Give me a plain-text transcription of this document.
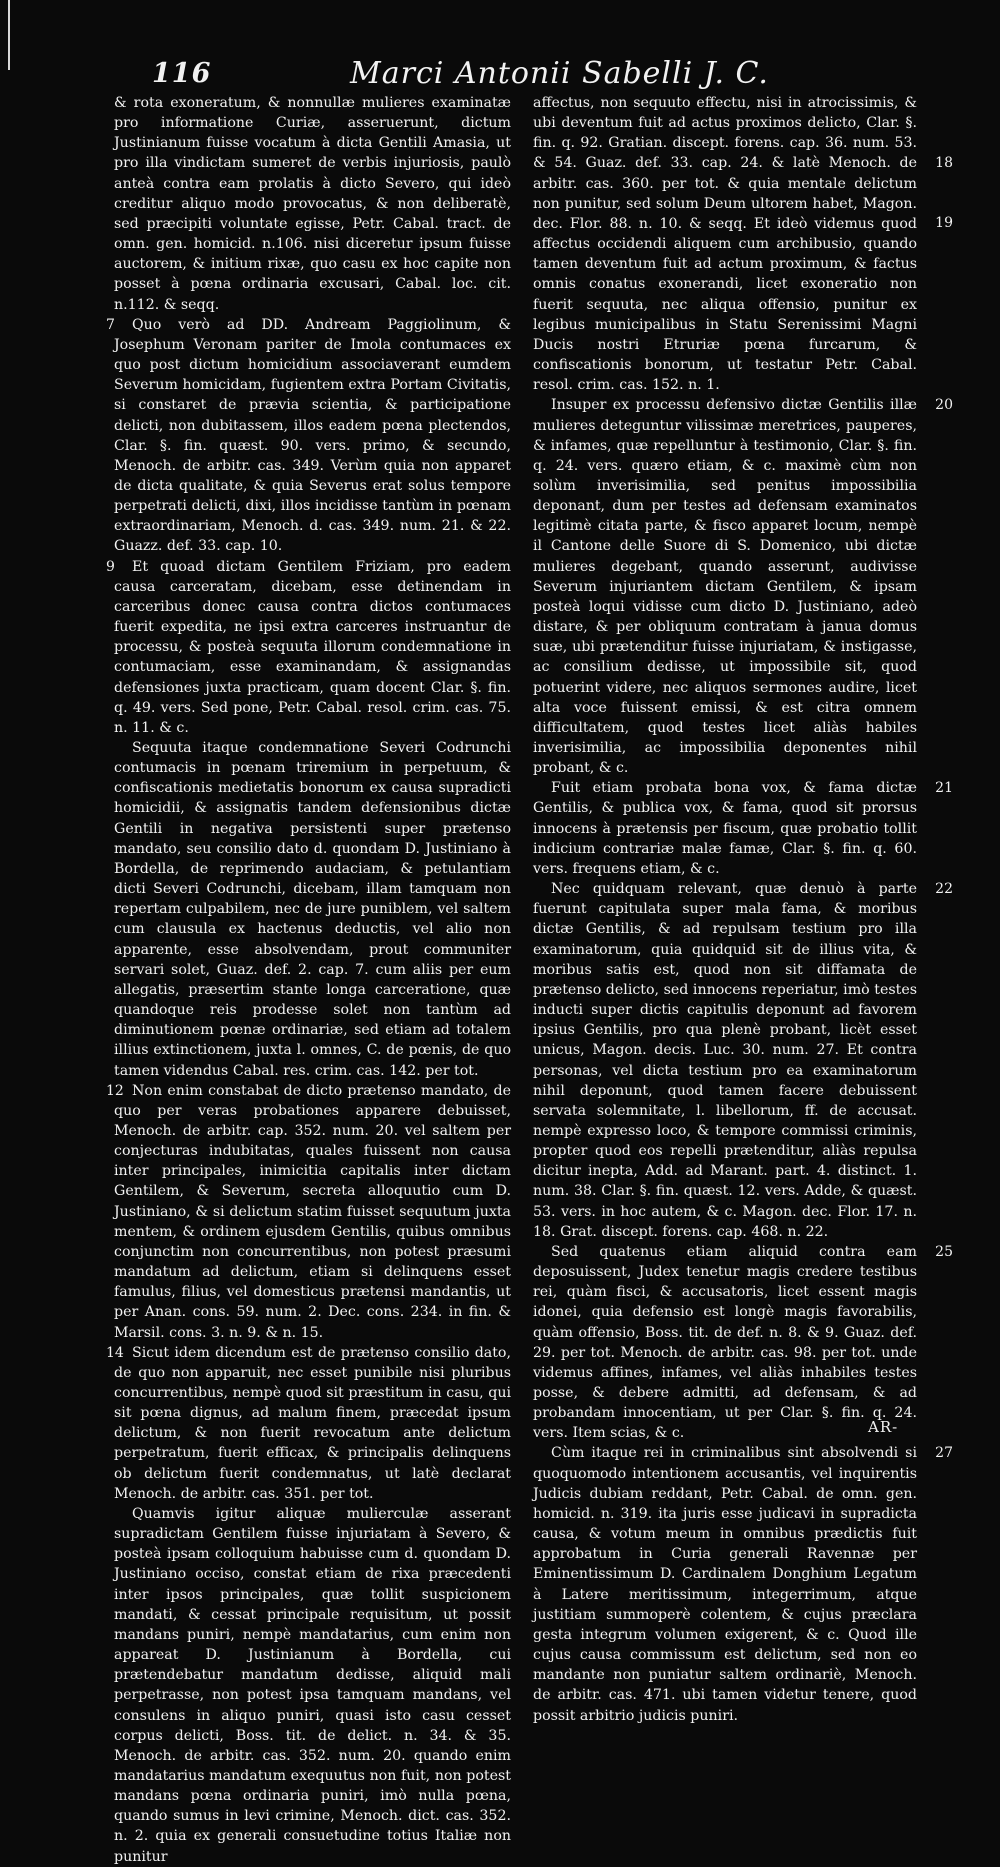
116	Marci Antonii Sabelli J. C.

& rota exoneratum, & nonnullæ mulieres examinatæ pro informatione Curiæ, asseruerunt, dictum Justinianum fuisse vocatum à dicta Gentili Amasia, ut pro illa vindictam sumeret de verbis injuriosis, paulò anteà contra eam prolatis à dicto Severo, qui ideò creditur aliquo modo provocatus, & non deliberatè, sed præcipiti voluntate egisse, Petr. Cabal. tract. de omn. gen. homicid. n.106. nisi diceretur ipsum fuisse auctorem, & initium rixæ, quo casu ex hoc capite non posset à pœna ordinaria excusari, Cabal. loc. cit. n.112. & seqq.

7 Quo verò ad DD. Andream Paggiolinum, & Josephum Veronam pariter de Imola contumaces ex quo post dictum homicidium associaverant eumdem Severum homicidam, fugientem extra Portam Civitatis, si constaret de prævia scientia, & participatione delicti, non dubitassem, illos eadem pœna plectendos, Clar. §. fin. quæst. 90. vers. primo, & secundo, Menoch. de arbitr. cas. 349. Verùm quia non apparet de dicta qualitate, & quia Severus erat solus tempore perpetrati delicti, dixi, illos incidisse tantùm in pœnam extraordinariam, Menoch. d. cas. 349. num. 21. & 22. Guazz. def. 33. cap. 10.

9 Et quoad dictam Gentilem Friziam, pro eadem causa carceratam, dicebam, esse detinendam in carceribus donec causa contra dictos contumaces fuerit expedita, ne ipsi extra carceres instruantur de processu, & posteà sequuta illorum condemnatione in contumaciam, esse examinandam, & assignandas defensiones juxta practicam, quam docent Clar. §. fin. q. 49. vers. Sed pone, Petr. Cabal. resol. crim. cas. 75. n. 11. & c.

Sequuta itaque condemnatione Severi Codrunchi contumacis in pœnam triremium in perpetuum, & confiscationis medietatis bonorum ex causa supradicti homicidii, & assignatis tandem defensionibus dictæ Gentili in negativa persistenti super prætenso mandato, seu consilio dato d. quondam D. Justiniano à Bordella, de reprimendo audaciam, & petulantiam dicti Severi Codrunchi, dicebam, illam tamquam non repertam culpabilem, nec de jure puniblem, vel saltem cum clausula ex hactenus deductis, vel alio non apparente, esse absolvendam, prout communiter servari solet, Guaz. def. 2. cap. 7. cum aliis per eum allegatis, præsertim stante longa carceratione, quæ quandoque reis prodesse solet non tantùm ad diminutionem pœnæ ordinariæ, sed etiam ad totalem illius extinctionem, juxta l. omnes, C. de pœnis, de quo tamen videndus Cabal. res. crim. cas. 142. per tot.

12 Non enim constabat de dicto prætenso mandato, de quo per veras probationes apparere debuisset, Menoch. de arbitr. cap. 352. num. 20. vel saltem per conjecturas indubitatas, quales fuissent non causa inter principales, inimicitia capitalis inter dictam Gentilem, & Severum, secreta alloquutio cum D. Justiniano, & si delictum statim fuisset sequutum juxta mentem, & ordinem ejusdem Gentilis, quibus omnibus conjunctim non concurrentibus, non potest præsumi mandatum ad delictum, etiam si delinquens esset famulus, filius, vel domesticus prætensi mandantis, ut per Anan. cons. 59. num. 2. Dec. cons. 234. in fin. & Marsil. cons. 3. n. 9. & n. 15.

14 Sicut idem dicendum est de prætenso consilio dato, de quo non apparuit, nec esset punibile nisi pluribus concurrentibus, nempè quod sit præstitum in casu, qui sit pœna dignus, ad malum finem, præcedat ipsum delictum, & non fuerit revocatum ante delictum perpetratum, fuerit efficax, & principalis delinquens ob delictum fuerit condemnatus, ut latè declarat Menoch. de arbitr. cas. 351. per tot.

Quamvis igitur aliquæ mulierculæ asserant supradictam Gentilem fuisse injuriatam à Severo, & posteà ipsam colloquium habuisse cum d. quondam D. Justiniano occiso, constat etiam de rixa præcedenti inter ipsos principales, quæ tollit suspicionem mandati, & cessat principale requisitum, ut possit mandans puniri, nempè mandatarius, cum enim non appareat D. Justinianum à Bordella, cui prætendebatur mandatum dedisse, aliquid mali perpetrasse, non potest ipsa tamquam mandans, vel consulens in aliquo puniri, quasi isto casu cesset corpus delicti, Boss. tit. de delict. n. 34. & 35. Menoch. de arbitr. cas. 352. num. 20. quando enim mandatarius mandatum exequutus non fuit, non potest mandans pœna ordinaria puniri, imò nulla pœna, quando sumus in levi crimine, Menoch. dict. cas. 352. n. 2. quia ex generali consuetudine totius Italiæ non punitur

18
19
affectus, non sequuto effectu, nisi in atrocissimis, & ubi deventum fuit ad actus proximos delicto, Clar. §. fin. q. 92. Gratian. discept. forens. cap. 36. num. 53. & 54. Guaz. def. 33. cap. 24. & latè Menoch. de arbitr. cas. 360. per tot. & quia mentale delictum non punitur, sed solum Deum ultorem habet, Magon. dec. Flor. 88. n. 10. & seqq. Et ideò videmus quod affectus occidendi aliquem cum archibusio, quando tamen deventum fuit ad actum proximum, & factus omnis conatus exonerandi, licet exoneratio non fuerit sequuta, nec aliqua offensio, punitur ex legibus municipalibus in Statu Serenissimi Magni Ducis nostri Etruriæ pœna furcarum, & confiscationis bonorum, ut testatur Petr. Cabal. resol. crim. cas. 152. n. 1.

20
Insuper ex processu defensivo dictæ Gentilis illæ mulieres deteguntur vilissimæ meretrices, pauperes, & infames, quæ repelluntur à testimonio, Clar. §. fin. q. 24. vers. quæro etiam, & c. maximè cùm non solùm inverisimilia, sed penitus impossibilia deponant, dum per testes ad defensam examinatos legitimè citata parte, & fisco apparet locum, nempè il Cantone delle Suore di S. Domenico, ubi dictæ mulieres degebant, quando asserunt, audivisse Severum injuriantem dictam Gentilem, & ipsam posteà loqui vidisse cum dicto D. Justiniano, adeò distare, & per obliquum contratam à janua domus suæ, ubi prætenditur fuisse injuriatam, & instigasse, ac consilium dedisse, ut impossibile sit, quod potuerint videre, nec aliquos sermones audire, licet alta voce fuissent emissi, & est citra omnem difficultatem, quod testes licet aliàs habiles inverisimilia, ac impossibilia deponentes nihil probant, & c.

21
Fuit etiam probata bona vox, & fama dictæ Gentilis, & publica vox, & fama, quod sit prorsus innocens à prætensis per fiscum, quæ probatio tollit indicium contrariæ malæ famæ, Clar. §. fin. q. 60. vers. frequens etiam, & c.

22
Nec quidquam relevant, quæ denuò à parte fuerunt capitulata super mala fama, & moribus dictæ Gentilis, & ad repulsam testium pro illa examinatorum, quia quidquid sit de illius vita, & moribus satis est, quod non sit diffamata de prætenso delicto, sed innocens reperiatur, imò testes inducti super dictis capitulis deponunt ad favorem ipsius Gentilis, pro qua plenè probant, licèt esset unicus, Magon. decis. Luc. 30. num. 27. Et contra personas, vel dicta testium pro ea examinatorum nihil deponunt, quod tamen facere debuissent servata solemnitate, l. libellorum, ff. de accusat. nempè expresso loco, & tempore commissi criminis, propter quod eos repelli prætenditur, aliàs repulsa dicitur inepta, Add. ad Marant. part. 4. distinct. 1. num. 38. Clar. §. fin. quæst. 12. vers. Adde, & quæst. 53. vers. in hoc autem, & c. Magon. dec. Flor. 17. n. 18. Grat. discept. forens. cap. 468. n. 22.

25
Sed quatenus etiam aliquid contra eam deposuissent, Judex tenetur magis credere testibus rei, quàm fisci, & accusatoris, licet essent magis idonei, quia defensio est longè magis favorabilis, quàm offensio, Boss. tit. de def. n. 8. & 9. Guaz. def. 29. per tot. Menoch. de arbitr. cas. 98. per tot. unde videmus affines, infames, vel aliàs inhabiles testes posse, & debere admitti, ad defensam, & ad probandam innocentiam, ut per Clar. §. fin. q. 24. vers. Item scias, & c.

27
Cùm itaque rei in criminalibus sint absolvendi si quoquomodo intentionem accusantis, vel inquirentis Judicis dubiam reddant, Petr. Cabal. de omn. gen. homicid. n. 319. ita juris esse judicavi in supradicta causa, & votum meum in omnibus prædictis fuit approbatum in Curia generali Ravennæ per Eminentissimum D. Cardinalem Donghium Legatum à Latere meritissimum, integerrimum, atque justitiam summoperè colentem, & cujus præclara gesta integrum volumen exigerent, & c. Quod ille cujus causa commissum est delictum, sed non eo mandante non puniatur saltem ordinariè, Menoch. de arbitr. cas. 471. ubi tamen videtur tenere, quod possit arbitrio judicis puniri.

AR-
